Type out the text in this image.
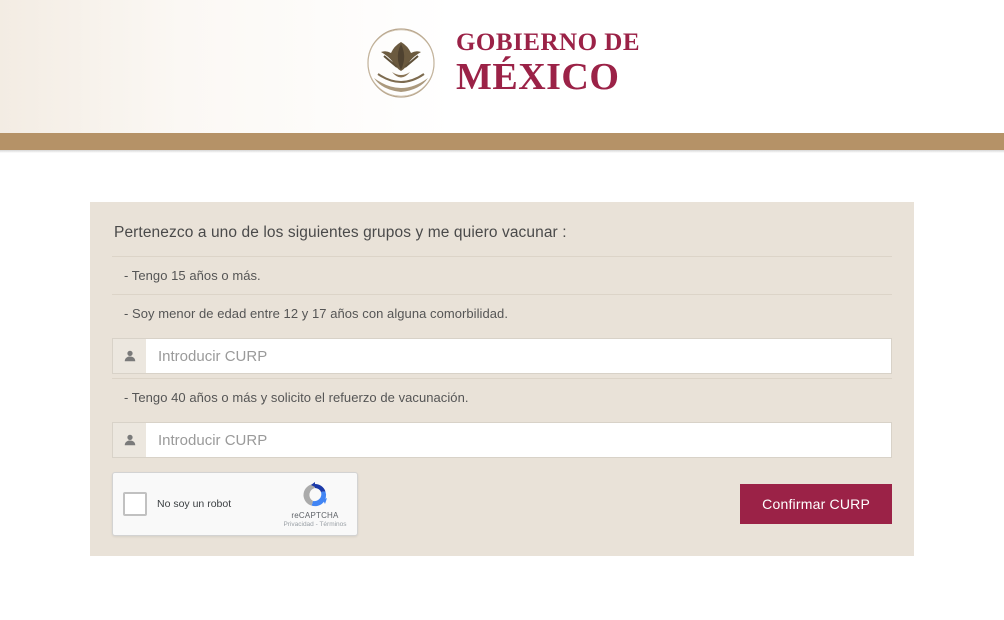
GOBIERNO DE
MÉXICO
Pertenezco a uno de los siguientes grupos y me quiero vacunar :
- Tengo 15 años o más.
- Soy menor de edad entre 12 y 17 años con alguna comorbilidad.
Introducir CURP
- Tengo 40 años o más y solicito el refuerzo de vacunación.
Introducir CURP
No soy un robot
reCAPTCHA
Privacidad - Términos
Confirmar CURP
